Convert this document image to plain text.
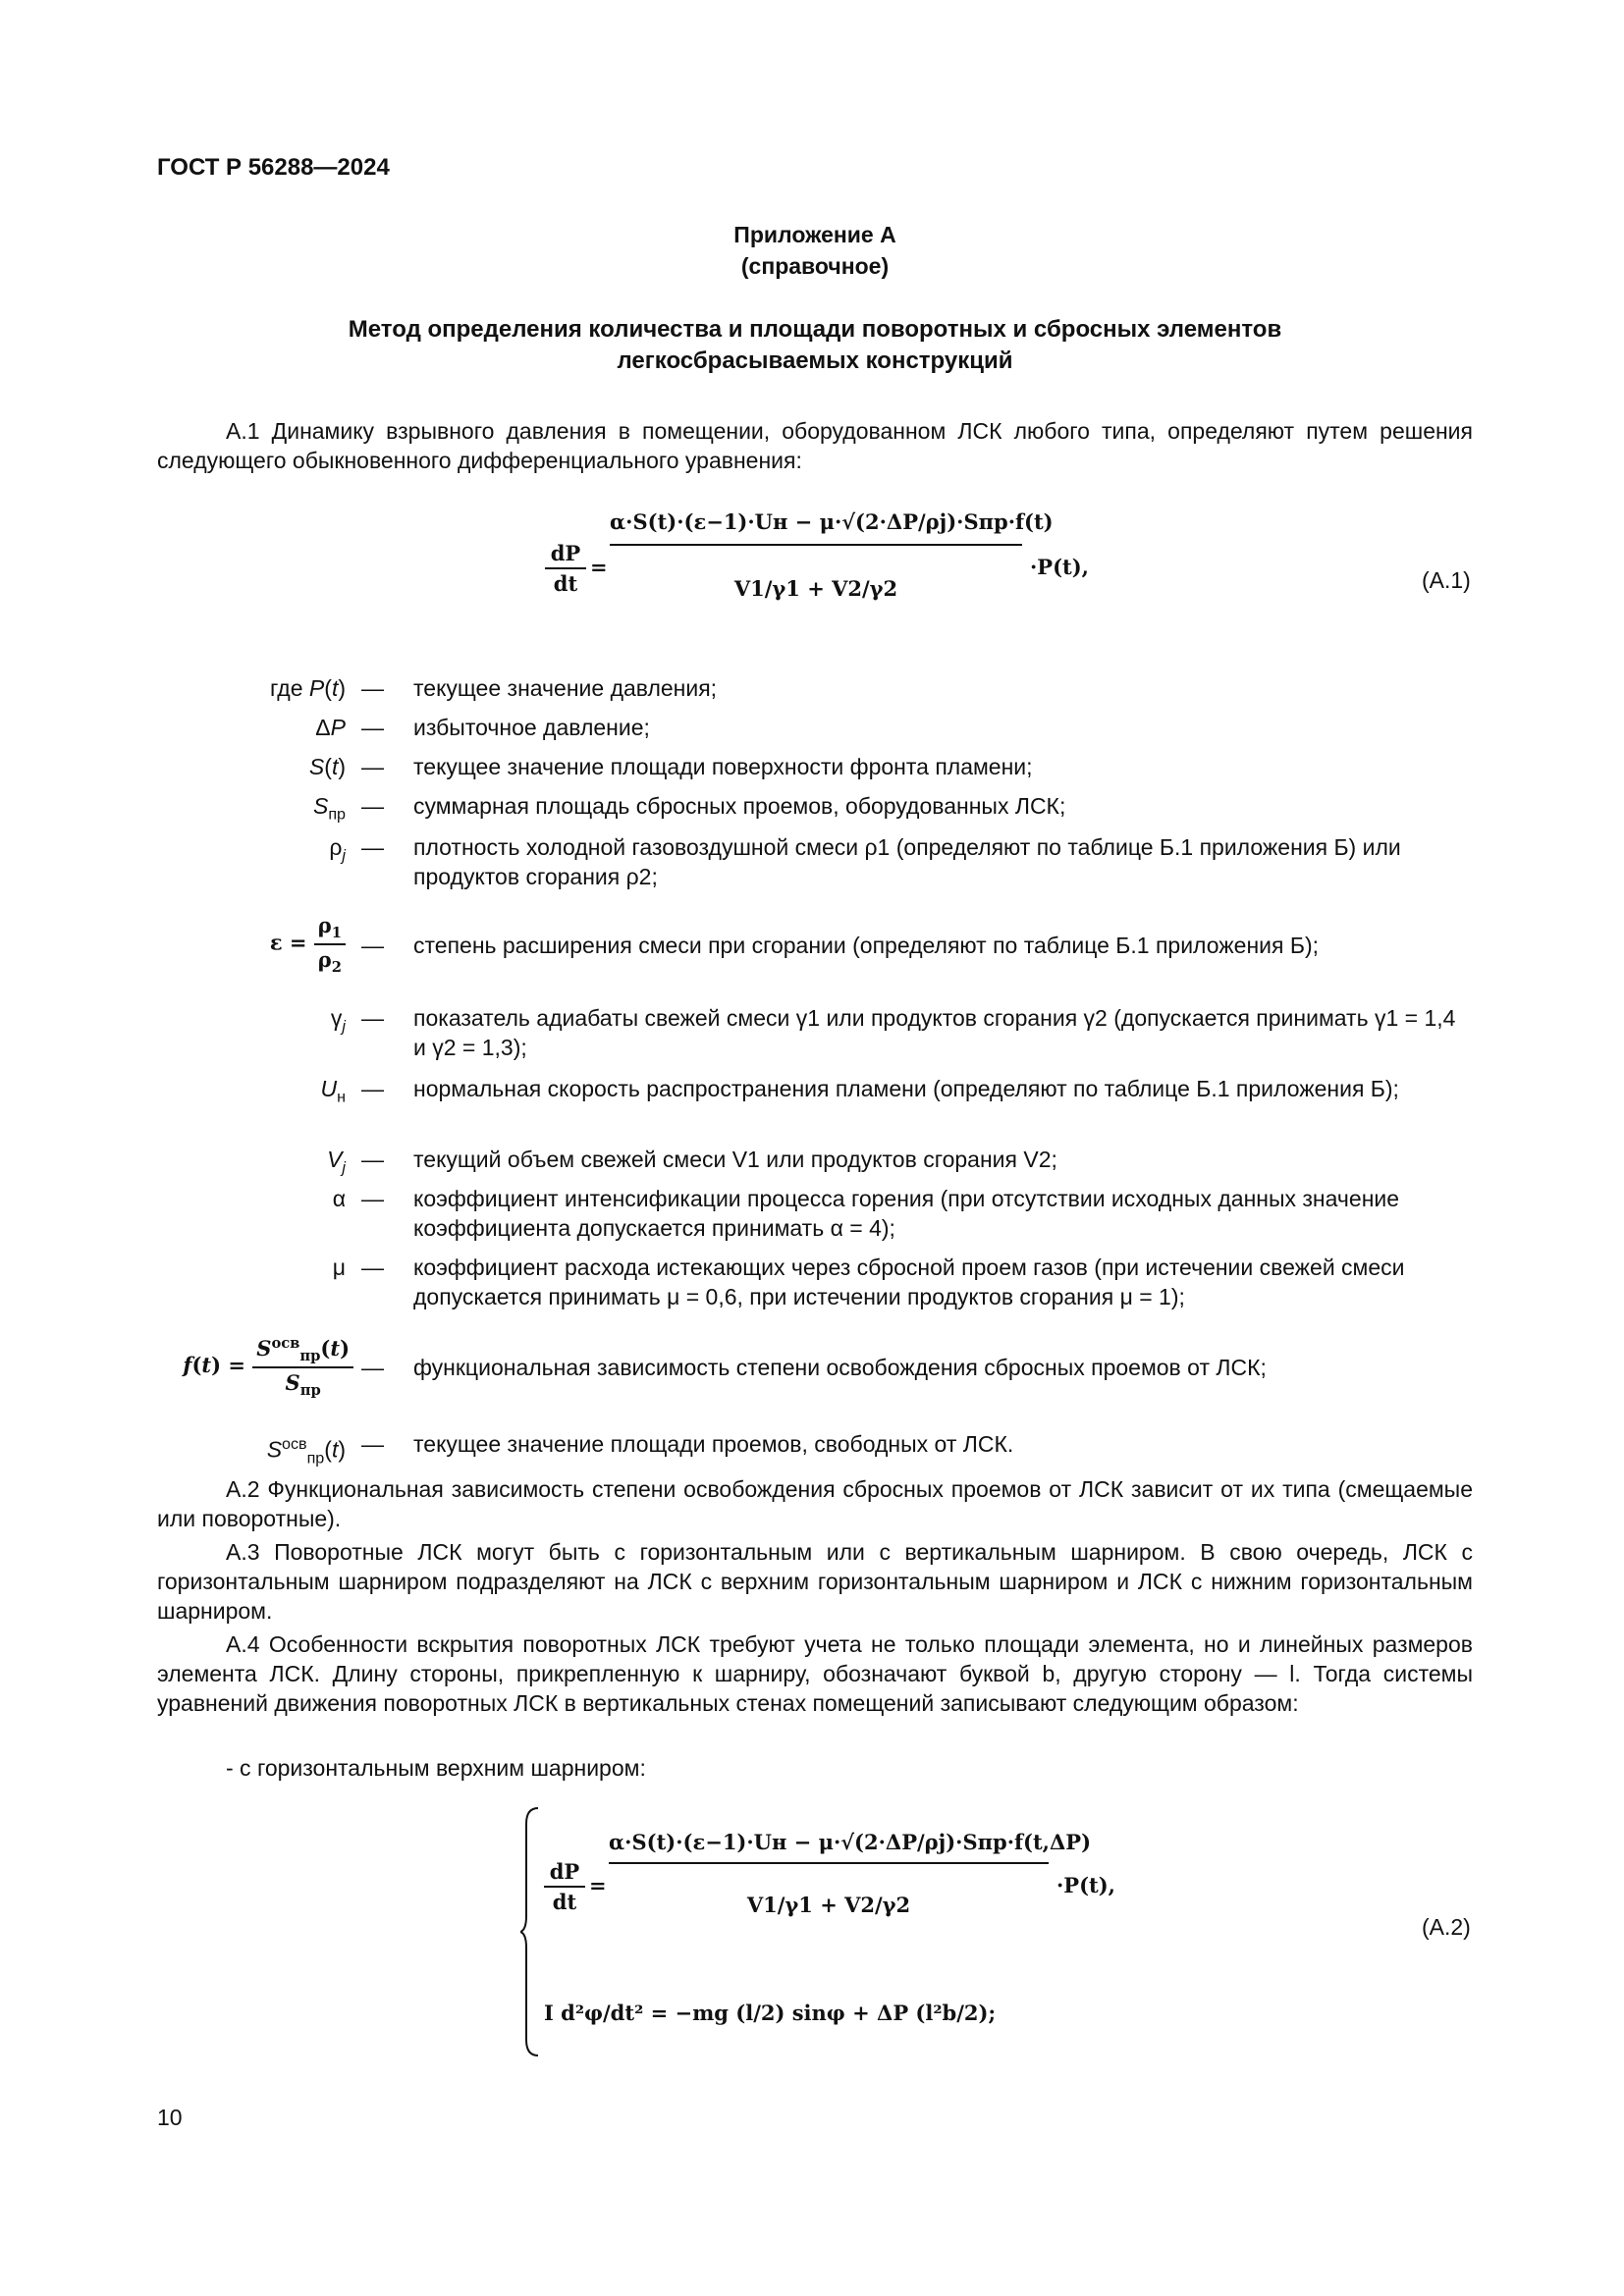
ГОСТ Р 56288—2024
Приложение А
(справочное)
Метод определения количества и площади поворотных и сбросных элементов
легкосбрасываемых конструкций
А.1 Динамику взрывного давления в помещении, оборудованном ЛСК любого типа, определяют путем решения следующего обыкновенного дифференциального уравнения:
$\frac{dP}{dt}$ =
α·S(t)·(ε−1)·Uн − μ·√(2·ΔP/ρj)·Sпр·f(t)
V1/γ1 + V2/γ2
·P(t),
(А.1)
где P(t) — текущее значение давления;
ΔP — избыточное давление;
S(t) — текущее значение площади поверхности фронта пламени;
$S_{пр}$ — суммарная площадь сбросных проемов, оборудованных ЛСК;
$\rho_j$ — плотность холодной газовоздушной смеси ρ1 (определяют по таблице Б.1 приложения Б) или продуктов сгорания ρ2;
$\varepsilon = \frac{\rho_1}{\rho_2}$ — степень расширения смеси при сгорании (определяют по таблице Б.1 приложения Б);
$\gamma_j$ — показатель адиабаты свежей смеси γ1 или продуктов сгорания γ2 (допускается принимать γ1 = 1,4 и γ2 = 1,3);
$U_н$ — нормальная скорость распространения пламени (определяют по таблице Б.1 приложения Б);
$V_j$ — текущий объем свежей смеси V1 или продуктов сгорания V2;
α — коэффициент интенсификации процесса горения (при отсутствии исходных данных значение коэффициента допускается принимать α = 4);
μ — коэффициент расхода истекающих через сбросной проем газов (при истечении свежей смеси допускается принимать μ = 0,6, при истечении продуктов сгорания μ = 1);
$f(t) = \frac{S^{осв}_{пр}(t)}{S_{пр}}$ — функциональная зависимость степени освобождения сбросных проемов от ЛСК;
$S^{осв}_{пр}(t)$ — текущее значение площади проемов, свободных от ЛСК.
А.2 Функциональная зависимость степени освобождения сбросных проемов от ЛСК зависит от их типа (смещаемые или поворотные).
А.3 Поворотные ЛСК могут быть с горизонтальным или с вертикальным шарниром. В свою очередь, ЛСК с горизонтальным шарниром подразделяют на ЛСК с верхним горизонтальным шарниром и ЛСК с нижним горизонтальным шарниром.
А.4 Особенности вскрытия поворотных ЛСК требуют учета не только площади элемента, но и линейных размеров элемента ЛСК. Длину стороны, прикрепленную к шарниру, обозначают буквой b, другую сторону — l. Тогда системы уравнений движения поворотных ЛСК в вертикальных стенах помещений записывают следующим образом:
- с горизонтальным верхним шарниром:
$\frac{dP}{dt}$ =
α·S(t)·(ε−1)·Uн − μ·√(2·ΔP/ρj)·Sпр·f(t,ΔP)
V1/γ1 + V2/γ2
·P(t),
I d²φ/dt² = −mg (l/2) sinφ + ΔP (l²b/2);
(А.2)
10
